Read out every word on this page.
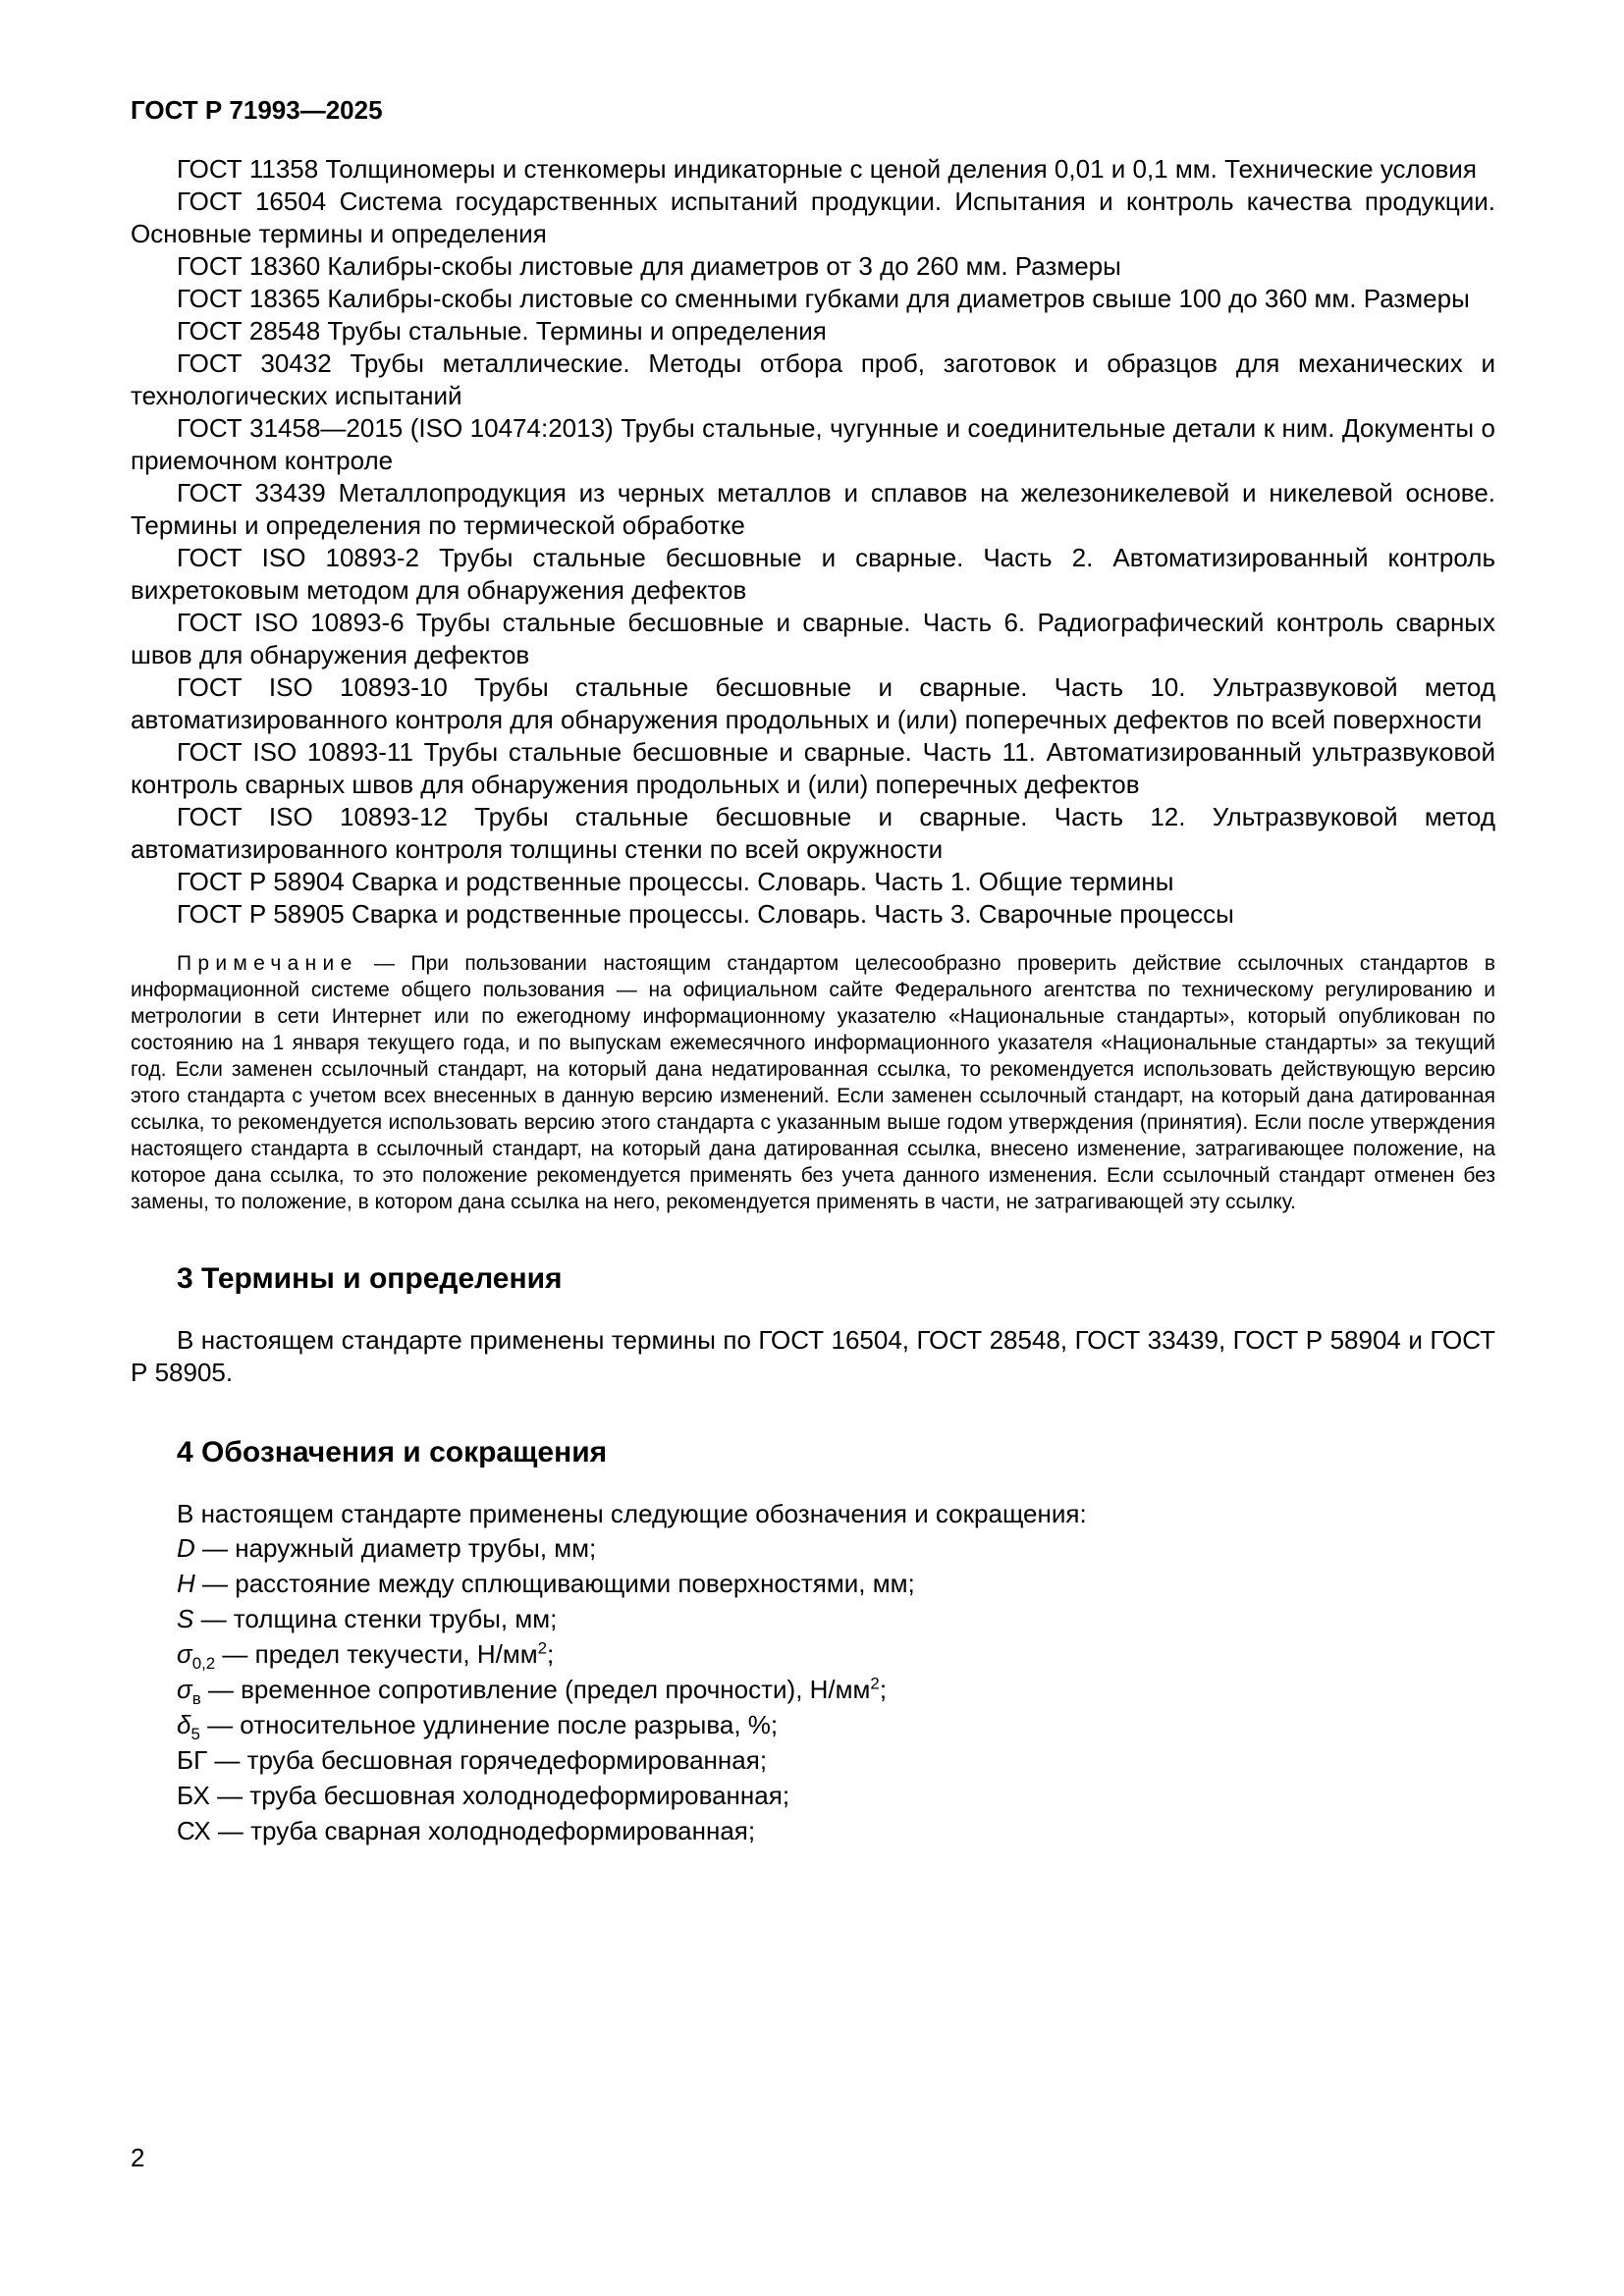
ГОСТ Р 71993—2025

ГОСТ 11358 Толщиномеры и стенкомеры индикаторные с ценой деления 0,01 и 0,1 мм. Технические условия

ГОСТ 16504 Система государственных испытаний продукции. Испытания и контроль качества продукции. Основные термины и определения

ГОСТ 18360 Калибры-скобы листовые для диаметров от 3 до 260 мм. Размеры

ГОСТ 18365 Калибры-скобы листовые со сменными губками для диаметров свыше 100 до 360 мм. Размеры

ГОСТ 28548 Трубы стальные. Термины и определения

ГОСТ 30432 Трубы металлические. Методы отбора проб, заготовок и образцов для механических и технологических испытаний

ГОСТ 31458—2015 (ISO 10474:2013) Трубы стальные, чугунные и соединительные детали к ним. Документы о приемочном контроле

ГОСТ 33439 Металлопродукция из черных металлов и сплавов на железоникелевой и никелевой основе. Термины и определения по термической обработке

ГОСТ ISO 10893-2 Трубы стальные бесшовные и сварные. Часть 2. Автоматизированный контроль вихретоковым методом для обнаружения дефектов

ГОСТ ISO 10893-6 Трубы стальные бесшовные и сварные. Часть 6. Радиографический контроль сварных швов для обнаружения дефектов

ГОСТ ISO 10893-10 Трубы стальные бесшовные и сварные. Часть 10. Ультразвуковой метод автоматизированного контроля для обнаружения продольных и (или) поперечных дефектов по всей поверхности

ГОСТ ISO 10893-11 Трубы стальные бесшовные и сварные. Часть 11. Автоматизированный ультразвуковой контроль сварных швов для обнаружения продольных и (или) поперечных дефектов

ГОСТ ISO 10893-12 Трубы стальные бесшовные и сварные. Часть 12. Ультразвуковой метод автоматизированного контроля толщины стенки по всей окружности

ГОСТ Р 58904 Сварка и родственные процессы. Словарь. Часть 1. Общие термины

ГОСТ Р 58905 Сварка и родственные процессы. Словарь. Часть 3. Сварочные процессы

Примечание — При пользовании настоящим стандартом целесообразно проверить действие ссылочных стандартов в информационной системе общего пользования — на официальном сайте Федерального агентства по техническому регулированию и метрологии в сети Интернет или по ежегодному информационному указателю «Национальные стандарты», который опубликован по состоянию на 1 января текущего года, и по выпускам ежемесячного информационного указателя «Национальные стандарты» за текущий год. Если заменен ссылочный стандарт, на который дана недатированная ссылка, то рекомендуется использовать действующую версию этого стандарта с учетом всех внесенных в данную версию изменений. Если заменен ссылочный стандарт, на который дана датированная ссылка, то рекомендуется использовать версию этого стандарта с указанным выше годом утверждения (принятия). Если после утверждения настоящего стандарта в ссылочный стандарт, на который дана датированная ссылка, внесено изменение, затрагивающее положение, на которое дана ссылка, то это положение рекомендуется применять без учета данного изменения. Если ссылочный стандарт отменен без замены, то положение, в котором дана ссылка на него, рекомендуется применять в части, не затрагивающей эту ссылку.

3 Термины и определения

В настоящем стандарте применены термины по ГОСТ 16504, ГОСТ 28548, ГОСТ 33439, ГОСТ Р 58904 и ГОСТ Р 58905.

4 Обозначения и сокращения

В настоящем стандарте применены следующие обозначения и сокращения:

D — наружный диаметр трубы, мм;

H — расстояние между сплющивающими поверхностями, мм;

S — толщина стенки трубы, мм;

$\sigma_{0,2}$ — предел текучести, $Н/мм^2$;

$\sigma_в$ — временное сопротивление (предел прочности), $Н/мм^2$;

$\delta_5$ — относительное удлинение после разрыва, %;

БГ — труба бесшовная горячедеформированная;

БХ — труба бесшовная холоднодеформированная;

СХ — труба сварная холоднодеформированная;

2
